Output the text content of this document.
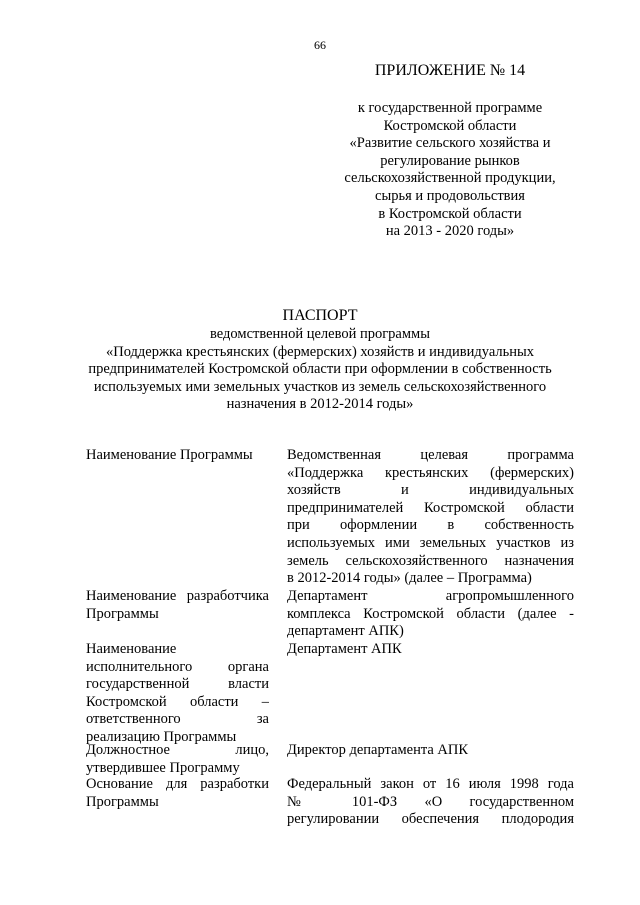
66
ПРИЛОЖЕНИЕ № 14
к государственной программе
Костромской области
«Развитие сельского хозяйства и
регулирование рынков
сельскохозяйственной продукции,
сырья и продовольствия
в Костромской области
на 2013 - 2020 годы»
ПАСПОРТ
ведомственной целевой программы
«Поддержка крестьянских (фермерских) хозяйств и индивидуальных
предпринимателей Костромской области при оформлении в собственность
используемых ими земельных участков из земель сельскохозяйственного
назначения в 2012-2014 годы»
Наименование Программы	Ведомственная целевая программа
«Поддержка крестьянских (фермерских)
хозяйств и индивидуальных
предпринимателей Костромской области
при оформлении в собственность
используемых ими земельных участков из
земель сельскохозяйственного назначения
в 2012-2014 годы» (далее – Программа)
Наименование разработчика
Программы
Департамент агропромышленного
комплекса Костромской области (далее -
департамент АПК)
Наименование
исполнительного органа
государственной власти
Костромской области –
ответственного за
реализацию Программы
Департамент АПК
Должностное лицо,
утвердившее Программу
Директор департамента АПК
Основание для разработки
Программы
Федеральный закон от 16 июля 1998 года
№ 101-ФЗ «О государственном
регулировании обеспечения плодородия
